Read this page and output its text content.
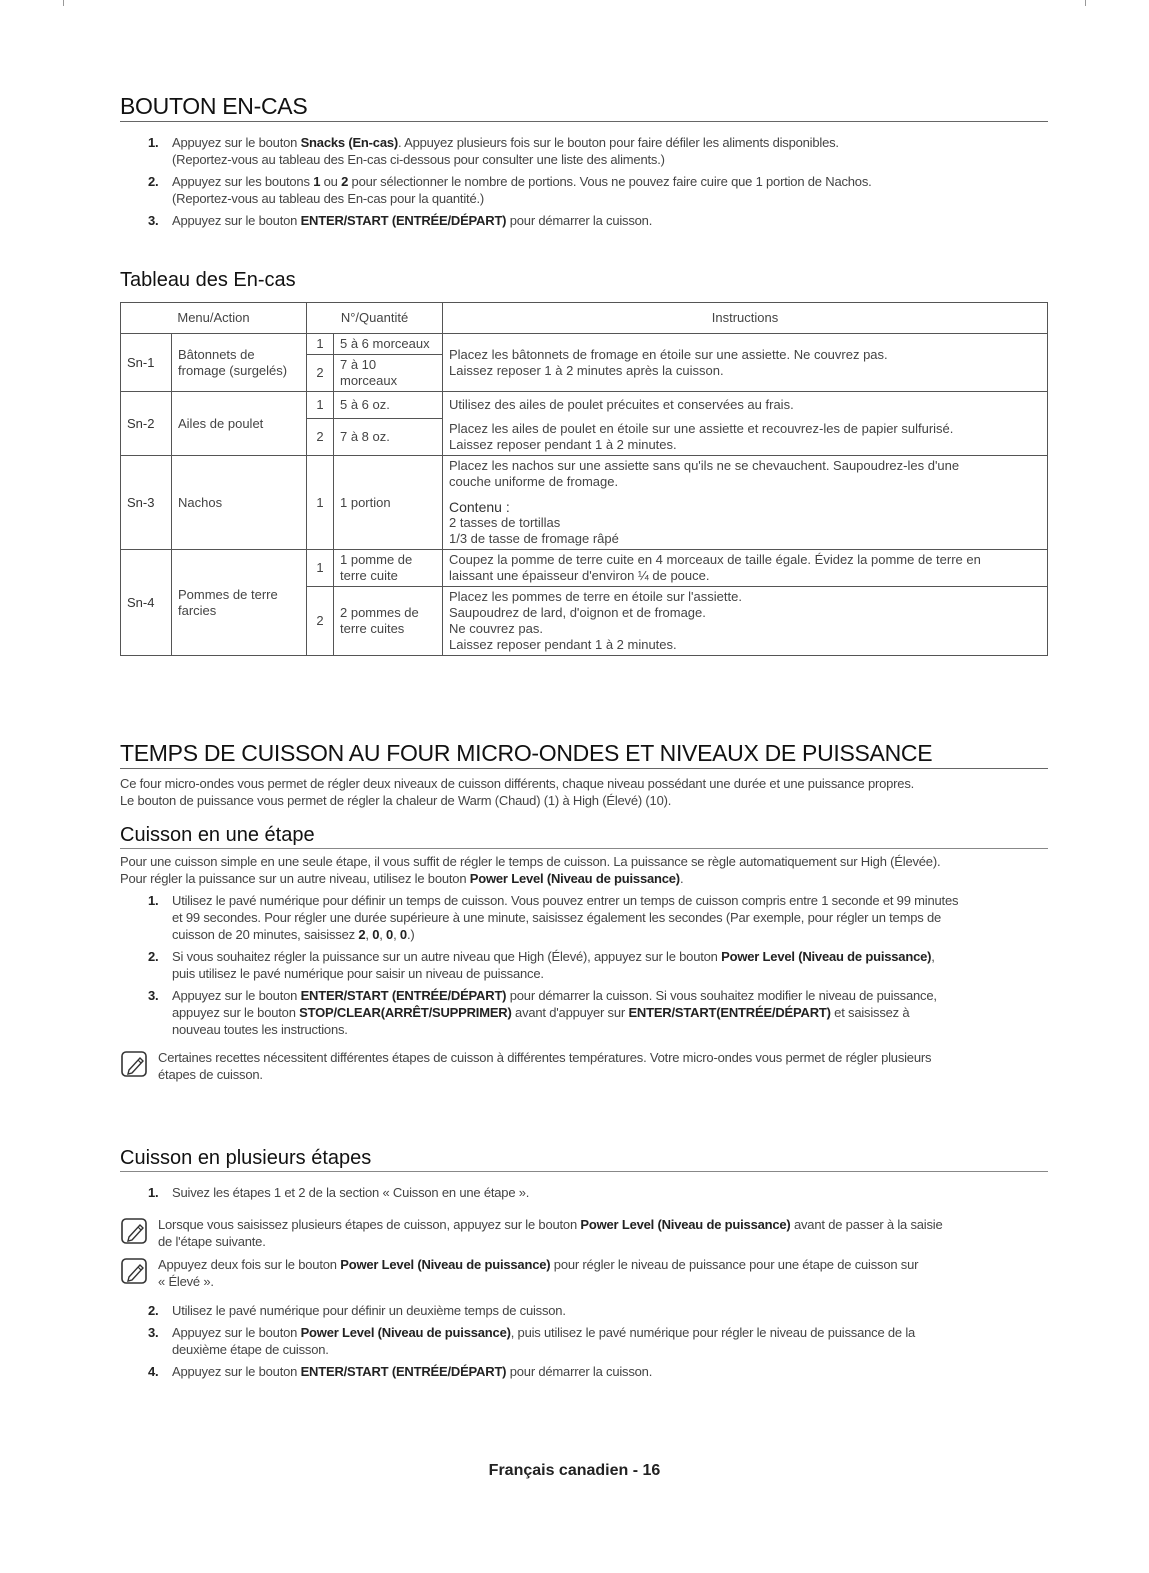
BOUTON EN-CAS
1. Appuyez sur le bouton Snacks (En-cas). Appuyez plusieurs fois sur le bouton pour faire défiler les aliments disponibles.
(Reportez-vous au tableau des En-cas ci-dessous pour consulter une liste des aliments.)
2. Appuyez sur les boutons 1 ou 2 pour sélectionner le nombre de portions. Vous ne pouvez faire cuire que 1 portion de Nachos.
(Reportez-vous au tableau des En-cas pour la quantité.)
3. Appuyez sur le bouton ENTER/START (ENTRÉE/DÉPART) pour démarrer la cuisson.
Tableau des En-cas
Menu/Action		N°/Quantité		Instructions
Sn-1	Bâtonnets de fromage (surgelés)	1	5 à 6 morceaux	Placez les bâtonnets de fromage en étoile sur une assiette. Ne couvrez pas.
Laissez reposer 1 à 2 minutes après la cuisson.

		2	7 à 10 morceaux	
Sn-2	Ailes de poulet	1	5 à 6 oz.	Utilisez des ailes de poulet précuites et conservées au frais.
		2	7 à 8 oz.	Placez les ailes de poulet en étoile sur une assiette et recouvrez-les de papier sulfurisé.
Laissez reposer pendant 1 à 2 minutes.

Sn-3	Nachos	1	1 portion	Placez les nachos sur une assiette sans qu'ils ne se chevauchent. Saupoudrez-les d'une
couche uniforme de fromage.
Contenu :
2 tasses de tortillas
1/3 de tasse de fromage râpé

Sn-4	Pommes de terre farcies	1	1 pomme de terre cuite	Coupez la pomme de terre cuite en 4 morceaux de taille égale. Évidez la pomme de terre en
laissant une épaisseur d'environ ¼ de pouce.

		2	2 pommes de terre cuites	Placez les pommes de terre en étoile sur l'assiette.
Saupoudrez de lard, d'oignon et de fromage.
Ne couvrez pas.
Laissez reposer pendant 1 à 2 minutes.
TEMPS DE CUISSON AU FOUR MICRO-ONDES ET NIVEAUX DE PUISSANCE
Ce four micro-ondes vous permet de régler deux niveaux de cuisson différents, chaque niveau possédant une durée et une puissance propres.
Le bouton de puissance vous permet de régler la chaleur de Warm (Chaud) (1) à High (Élevé) (10).
Cuisson en une étape
Pour une cuisson simple en une seule étape, il vous suffit de régler le temps de cuisson. La puissance se règle automatiquement sur High (Élevée).
Pour régler la puissance sur un autre niveau, utilisez le bouton Power Level (Niveau de puissance).
1. Utilisez le pavé numérique pour définir un temps de cuisson. Vous pouvez entrer un temps de cuisson compris entre 1 seconde et 99 minutes
et 99 secondes. Pour régler une durée supérieure à une minute, saisissez également les secondes (Par exemple, pour régler un temps de
cuisson de 20 minutes, saisissez 2, 0, 0, 0.)
2. Si vous souhaitez régler la puissance sur un autre niveau que High (Élevé), appuyez sur le bouton Power Level (Niveau de puissance),
puis utilisez le pavé numérique pour saisir un niveau de puissance.
3. Appuyez sur le bouton ENTER/START (ENTRÉE/DÉPART) pour démarrer la cuisson. Si vous souhaitez modifier le niveau de puissance,
appuyez sur le bouton STOP/CLEAR(ARRÊT/SUPPRIMER) avant d'appuyer sur ENTER/START(ENTRÉE/DÉPART) et saisissez à
nouveau toutes les instructions.
Certaines recettes nécessitent différentes étapes de cuisson à différentes températures. Votre micro-ondes vous permet de régler plusieurs
étapes de cuisson.
Cuisson en plusieurs étapes
1. Suivez les étapes 1 et 2 de la section « Cuisson en une étape ».
Lorsque vous saisissez plusieurs étapes de cuisson, appuyez sur le bouton Power Level (Niveau de puissance) avant de passer à la saisie
de l'étape suivante.
Appuyez deux fois sur le bouton Power Level (Niveau de puissance) pour régler le niveau de puissance pour une étape de cuisson sur
« Élevé ».
2. Utilisez le pavé numérique pour définir un deuxième temps de cuisson.
3. Appuyez sur le bouton Power Level (Niveau de puissance), puis utilisez le pavé numérique pour régler le niveau de puissance de la
deuxième étape de cuisson.
4. Appuyez sur le bouton ENTER/START (ENTRÉE/DÉPART) pour démarrer la cuisson.
Français canadien - 16
